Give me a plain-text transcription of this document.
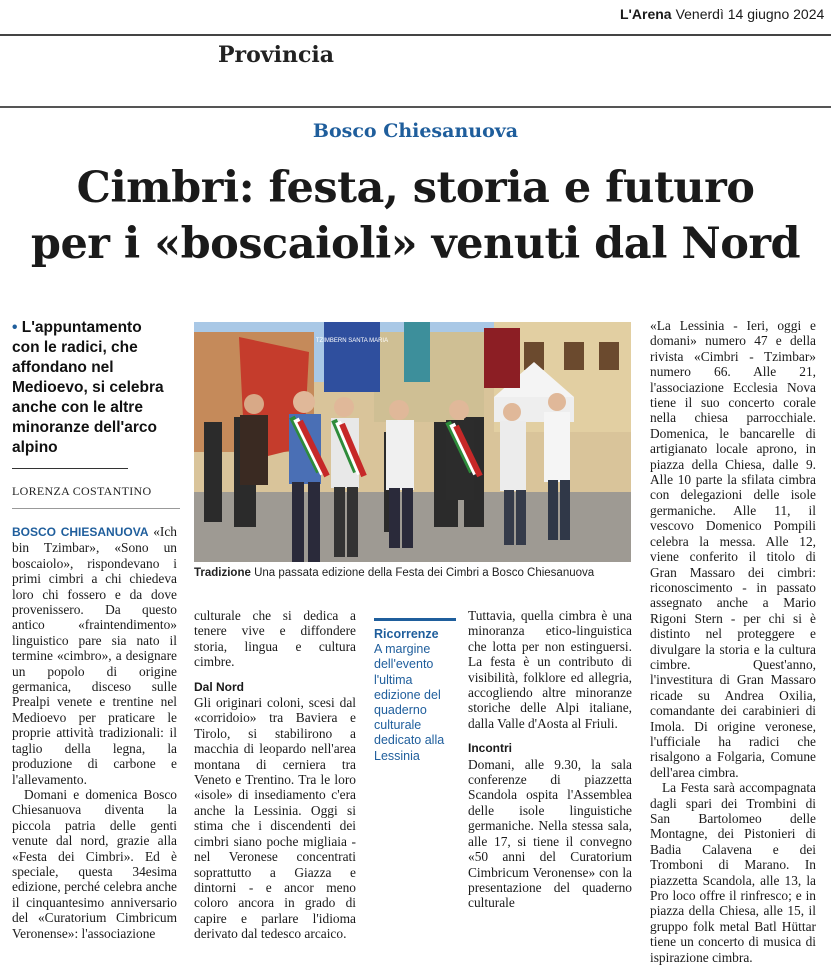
L'Arena Venerdì 14 giugno 2024
Provincia
Bosco Chiesanuova
Cimbri: festa, storia e futuro
per i «boscaioli» venuti dal Nord
• L'appuntamento con le radici, che affondano nel Medioevo, si celebra anche con le altre minoranze dell'arco alpino
LORENZA COSTANTINO
TZIMBERN SANTA MARIA
Tradizione Una passata edizione della Festa dei Cimbri a Bosco Chiesanuova

BOSCO CHIESANUOVA «Ich bin Tzimbar», «Sono un boscaiolo», rispondevano i primi cimbri a chi chiedeva loro chi fossero e da dove provenissero. Da questo antico «fraintendimento» linguistico pare sia nato il termine «cimbro», a designare un popolo di origine germanica, disceso sulle Prealpi venete e trentine nel Medioevo per praticare le proprie attività tradizionali: il taglio della legna, la produzione di carbone e l'allevamento.

Domani e domenica Bosco Chiesanuova diventa la piccola patria delle genti venute dal nord, grazie alla «Festa dei Cimbri». Ed è speciale, questa 34esima edizione, perché celebra anche il cinquantesimo anniversario del «Curatorium Cimbricum Veronense»: l'associazione

culturale che si dedica a tenere vive e diffondere storia, lingua e cultura cimbre.

Dal Nord

Gli originari coloni, scesi dal «corridoio» tra Baviera e Tirolo, si stabilirono a macchia di leopardo nell'area montana di cerniera tra Veneto e Trentino. Tra le loro «isole» di insediamento c'era anche la Lessinia. Oggi si stima che i discendenti dei cimbri siano poche migliaia - nel Veronese concentrati soprattutto a Giazza e dintorni - e ancor meno coloro ancora in grado di capire e parlare l'idioma derivato dal tedesco arcaico.

Ricorrenze
A margine dell'evento l'ultima edizione del quaderno culturale dedicato alla Lessinia

Tuttavia, quella cimbra è una minoranza etico-linguistica che lotta per non estinguersi. La festa è un contributo di visibilità, folklore ed allegria, accogliendo altre minoranze storiche delle Alpi italiane, dalla Valle d'Aosta al Friuli.

Incontri

Domani, alle 9.30, la sala conferenze di piazzetta Scandola ospita l'Assemblea delle isole linguistiche germaniche. Nella stessa sala, alle 17, si tiene il convegno «50 anni del Curatorium Cimbricum Veronense» con la presentazione del quaderno culturale

«La Lessinia - Ieri, oggi e domani» numero 47 e della rivista «Cimbri - Tzimbar» numero 66. Alle 21, l'associazione Ecclesia Nova tiene il suo concerto corale nella chiesa parrocchiale. Domenica, le bancarelle di artigianato locale aprono, in piazza della Chiesa, dalle 9. Alle 10 parte la sfilata cimbra con delegazioni delle isole germaniche. Alle 11, il vescovo Domenico Pompili celebra la messa. Alle 12, viene conferito il titolo di Gran Massaro dei cimbri: riconoscimento - in passato assegnato anche a Mario Rigoni Stern - per chi si è distinto nel proteggere e divulgare la storia e la cultura cimbre. Quest'anno, l'investitura di Gran Massaro ricade su Andrea Oxilia, comandante dei carabinieri di Imola. Di origine veronese, l'ufficiale ha radici che risalgono a Folgaria, Comune dell'area cimbra.

La Festa sarà accompagnata dagli spari dei Trombini di San Bartolomeo delle Montagne, dei Pistonieri di Badia Calavena e dei Tromboni di Marano. In piazzetta Scandola, alle 13, la Pro loco offre il rinfresco; e in piazza della Chiesa, alle 15, il gruppo folk metal Batl Hüttar tiene un concerto di musica di ispirazione cimbra.
